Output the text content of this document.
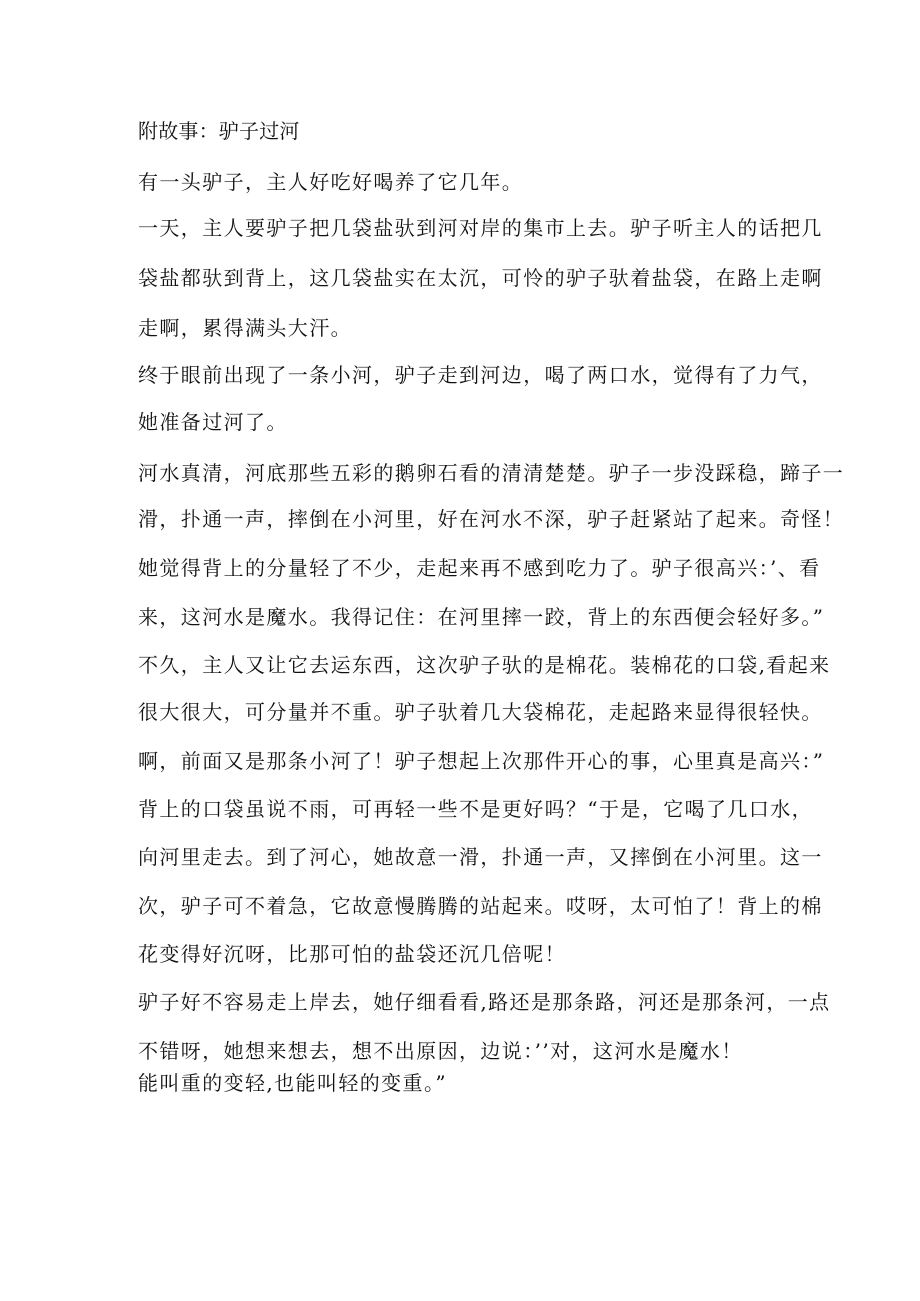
附故事：驴子过河
有一头驴子，主人好吃好喝养了它几年。
一天，主人要驴子把几袋盐驮到河对岸的集市上去。驴子听主人的话把几
袋盐都驮到背上，这几袋盐实在太沉，可怜的驴子驮着盐袋，在路上走啊
走啊，累得满头大汗。
终于眼前出现了一条小河，驴子走到河边，喝了两口水，觉得有了力气，
她准备过河了。
河水真清，河底那些五彩的鹅卵石看的清清楚楚。驴子一步没踩稳，蹄子一
滑，扑通一声，摔倒在小河里，好在河水不深，驴子赶紧站了起来。奇怪！
她觉得背上的分量轻了不少，走起来再不感到吃力了。驴子很高兴：’、看
来，这河水是魔水。我得记住：在河里摔一跤，背上的东西便会轻好多。”
不久，主人又让它去运东西，这次驴子驮的是棉花。装棉花的口袋,看起来
很大很大，可分量并不重。驴子驮着几大袋棉花，走起路来显得很轻快。
啊，前面又是那条小河了！驴子想起上次那件开心的事，心里真是高兴：”
背上的口袋虽说不雨，可再轻一些不是更好吗？“于是，它喝了几口水，
向河里走去。到了河心，她故意一滑，扑通一声，又摔倒在小河里。这一
次，驴子可不着急，它故意慢腾腾的站起来。哎呀，太可怕了！背上的棉
花变得好沉呀，比那可怕的盐袋还沉几倍呢！
驴子好不容易走上岸去，她仔细看看,路还是那条路，河还是那条河，一点
不错呀，她想来想去，想不出原因，边说：’’对，这河水是魔水！
能叫重的变轻,也能叫轻的变重。”
